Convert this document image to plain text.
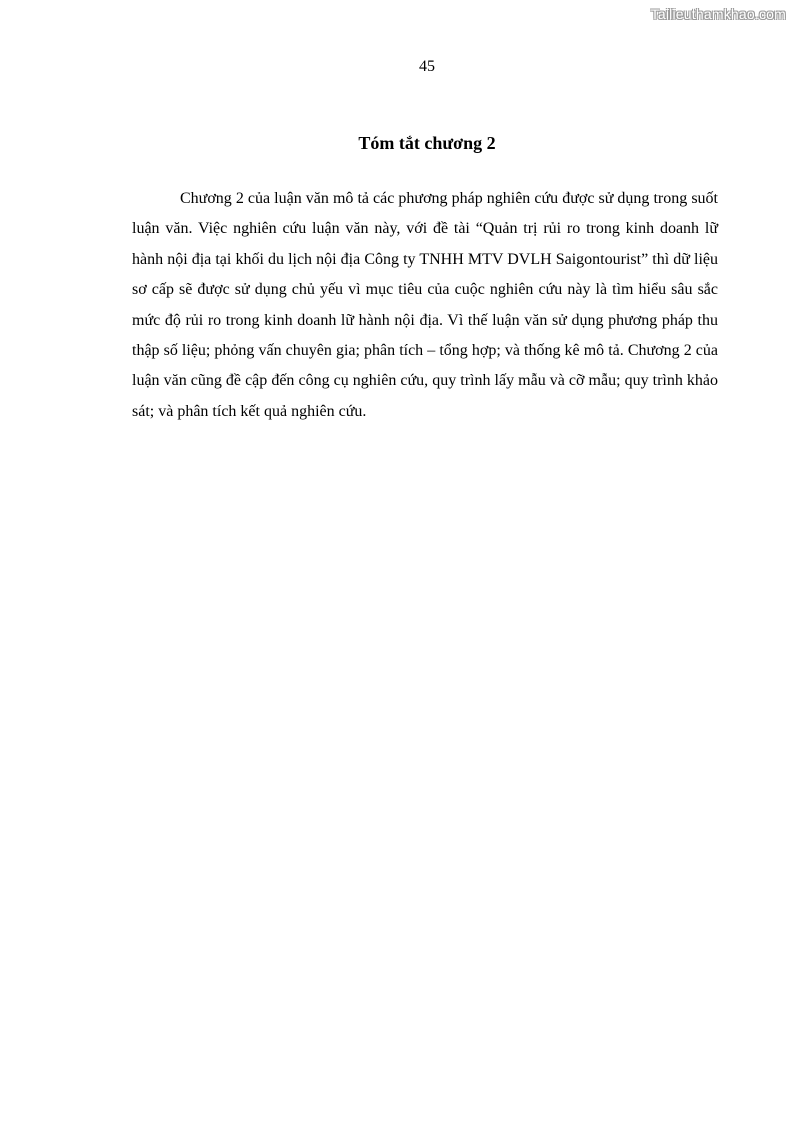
Tailieuthamkhao.com
45
Tóm tắt chương 2

Chương 2 của luận văn mô tả các phương pháp nghiên cứu được sử dụng trong suốt luận văn. Việc nghiên cứu luận văn này, với đề tài “Quản trị rủi ro trong kinh doanh lữ hành nội địa tại khối du lịch nội địa Công ty TNHH MTV DVLH Saigontourist” thì dữ liệu sơ cấp sẽ được sử dụng chủ yếu vì mục tiêu của cuộc nghiên cứu này là tìm hiểu sâu sắc mức độ rủi ro trong kinh doanh lữ hành nội địa. Vì thế luận văn sử dụng phương pháp thu thập số liệu; phỏng vấn chuyên gia; phân tích – tổng hợp; và thống kê mô tả. Chương 2 của luận văn cũng đề cập đến công cụ nghiên cứu, quy trình lấy mẫu và cỡ mẫu; quy trình khảo sát; và phân tích kết quả nghiên cứu.
